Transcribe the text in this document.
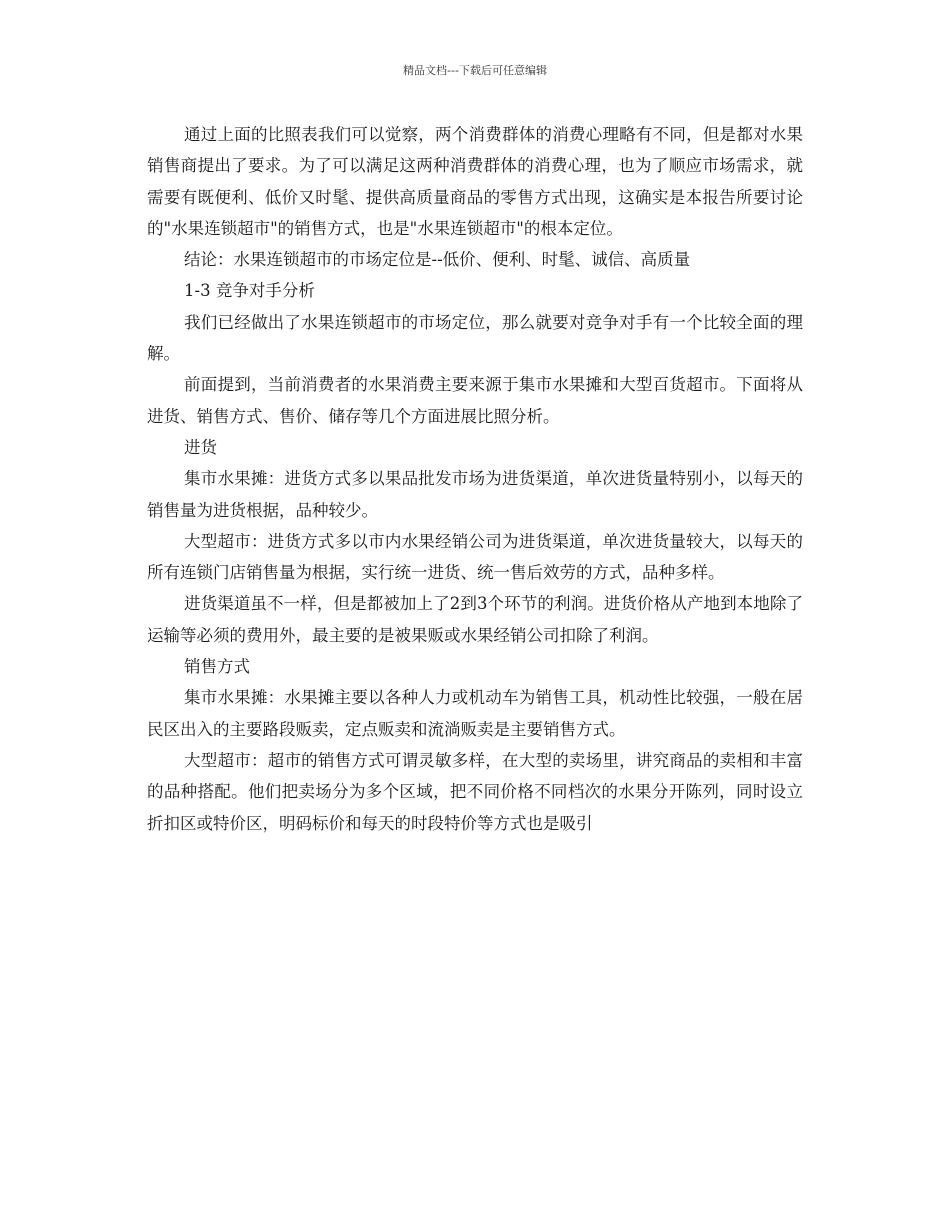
精品文档---下载后可任意编辑

通过上面的比照表我们可以觉察，两个消费群体的消费心理略有不同，但是都对水果销售商提出了要求。为了可以满足这两种消费群体的消费心理，也为了顺应市场需求，就需要有既便利、低价又时髦、提供高质量商品的零售方式出现，这确实是本报告所要讨论的"水果连锁超市"的销售方式，也是"水果连锁超市"的根本定位。

结论：水果连锁超市的市场定位是--低价、便利、时髦、诚信、高质量

1-3 竞争对手分析

我们已经做出了水果连锁超市的市场定位，那么就要对竞争对手有一个比较全面的理解。

前面提到，当前消费者的水果消费主要来源于集市水果摊和大型百货超市。下面将从进货、销售方式、售价、储存等几个方面进展比照分析。

进货

集市水果摊：进货方式多以果品批发市场为进货渠道，单次进货量特别小，以每天的销售量为进货根据，品种较少。

大型超市：进货方式多以市内水果经销公司为进货渠道，单次进货量较大，以每天的所有连锁门店销售量为根据，实行统一进货、统一售后效劳的方式，品种多样。

进货渠道虽不一样，但是都被加上了2到3个环节的利润。进货价格从产地到本地除了运输等必须的费用外，最主要的是被果贩或水果经销公司扣除了利润。

销售方式

集市水果摊：水果摊主要以各种人力或机动车为销售工具，机动性比较强，一般在居民区出入的主要路段贩卖，定点贩卖和流淌贩卖是主要销售方式。

大型超市：超市的销售方式可谓灵敏多样，在大型的卖场里，讲究商品的卖相和丰富的品种搭配。他们把卖场分为多个区域，把不同价格不同档次的水果分开陈列，同时设立折扣区或特价区，明码标价和每天的时段特价等方式也是吸引
